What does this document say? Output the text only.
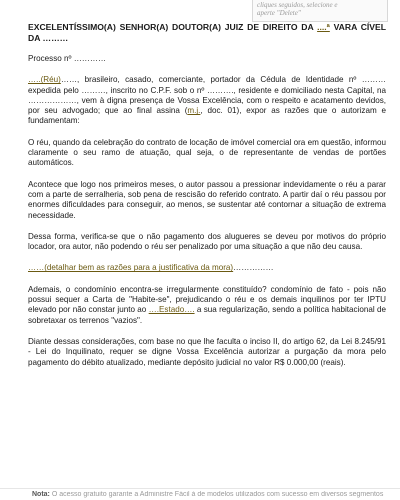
cliques seguidos, selecione e
aperte "Delete"
EXCELENTÍSSIMO(A) SENHOR(A) DOUTOR(A) JUIZ DE DIREITO DA ....ª VARA CÍVEL DA ………
Processo nº …………
…..(Réu)……, brasileiro, casado, comerciante, portador da Cédula de Identidade nº ……… expedida pelo ………, inscrito no C.P.F. sob o nº ………., residente e domiciliado nesta Capital, na ………………, vem à digna presença de Vossa Excelência, com o respeito e acatamento devidos, por seu advogado; que ao final assina (m.j., doc. 01), expor as razões que o autorizam e fundamentam:
O réu, quando da celebração do contrato de locação de imóvel comercial ora em questão, informou claramente o seu ramo de atuação, qual seja, o de representante de vendas de portões automáticos.
Acontece que logo nos primeiros meses, o autor passou a pressionar indevidamente o réu a parar com a parte de serralheria, sob pena de rescisão do referido contrato. A partir daí o réu passou por enormes dificuldades para conseguir, ao menos, se sustentar até contornar a situação de extrema necessidade.
Dessa forma, verifica-se que o não pagamento dos alugueres se deveu por motivos do próprio locador, ora autor, não podendo o réu ser penalizado por uma situação a que não deu causa.
……(detalhar bem as razões para a justificativa da mora)……………
Ademais, o condomínio encontra-se irregularmente constituído? condomínio de fato - pois não possui sequer a Carta de "Habite-se", prejudicando o réu e os demais inquilinos por ter IPTU elevado por não constar junto ao ….Estado…. a sua regularização, sendo a política habitacional de sobretaxar os terrenos "vazios".
Diante dessas considerações, com base no que lhe faculta o inciso II, do artigo 62, da Lei 8.245/91 - Lei do Inquilinato, requer se digne Vossa Excelência autorizar a purgação da mora pelo pagamento do débito atualizado, mediante depósito judicial no valor R$ 0.000,00 (reais).
Nota: O acesso gratuito garante a Administre Fácil à de modelos utilizados com sucesso em diversos segmentos
